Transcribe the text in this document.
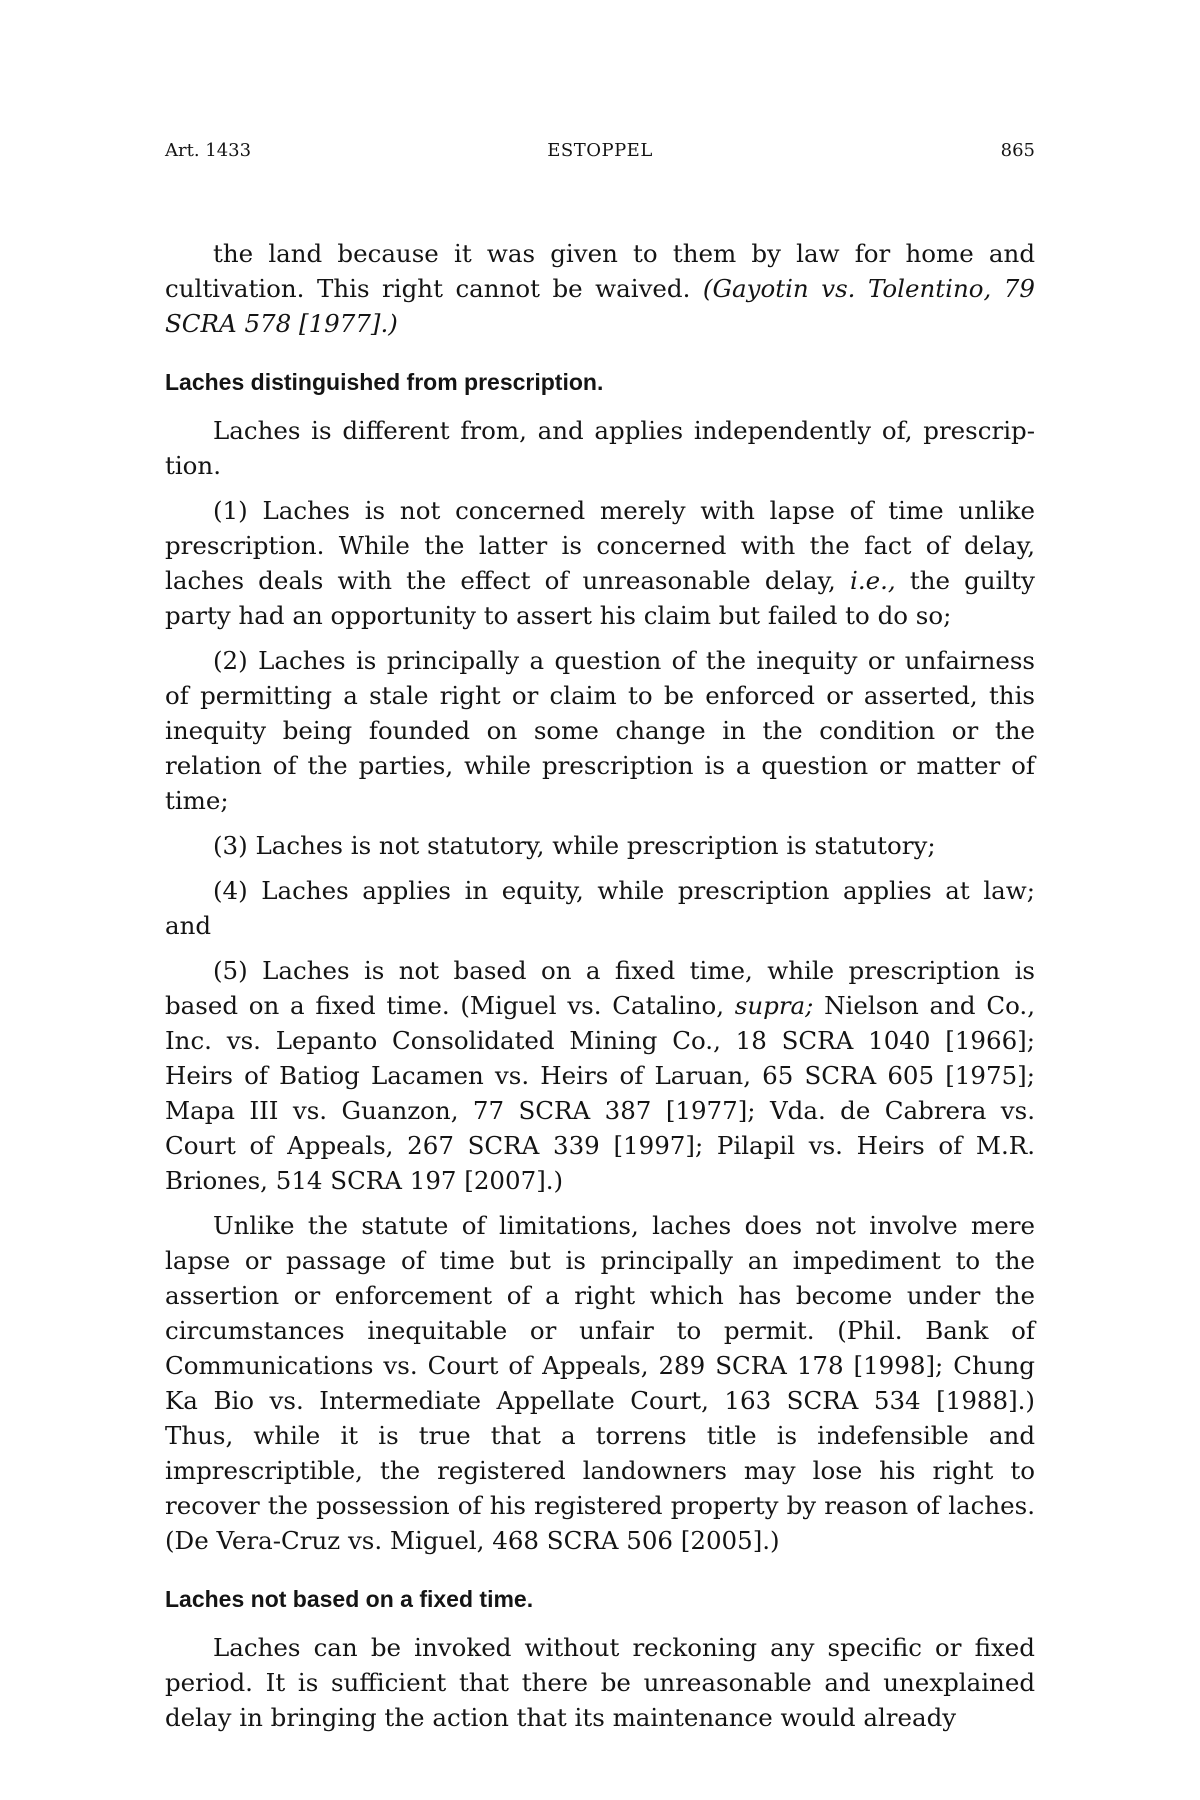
Art. 1433	ESTOPPEL	865

the land because it was given to them by law for home and cultivation. This right cannot be waived. (Gayotin vs. Tolentino, 79 SCRA 578 [1977].)

Laches distinguished from prescription.

Laches is different from, and applies independently of, prescription.

(1) Laches is not concerned merely with lapse of time unlike prescription. While the latter is concerned with the fact of delay, laches deals with the effect of unreasonable delay, i.e., the guilty party had an opportunity to assert his claim but failed to do so;

(2) Laches is principally a question of the inequity or unfairness of permitting a stale right or claim to be enforced or asserted, this inequity being founded on some change in the condition or the relation of the parties, while prescription is a question or matter of time;

(3) Laches is not statutory, while prescription is statutory;

(4) Laches applies in equity, while prescription applies at law; and

(5) Laches is not based on a fixed time, while prescription is based on a fixed time. (Miguel vs. Catalino, supra; Nielson and Co., Inc. vs. Lepanto Consolidated Mining Co., 18 SCRA 1040 [1966]; Heirs of Batiog Lacamen vs. Heirs of Laruan, 65 SCRA 605 [1975]; Mapa III vs. Guanzon, 77 SCRA 387 [1977]; Vda. de Cabrera vs. Court of Appeals, 267 SCRA 339 [1997]; Pilapil vs. Heirs of M.R. Briones, 514 SCRA 197 [2007].)

Unlike the statute of limitations, laches does not involve mere lapse or passage of time but is principally an impediment to the assertion or enforcement of a right which has become under the circumstances inequitable or unfair to permit. (Phil. Bank of Communications vs. Court of Appeals, 289 SCRA 178 [1998]; Chung Ka Bio vs. Intermediate Appellate Court, 163 SCRA 534 [1988].) Thus, while it is true that a torrens title is indefensible and imprescriptible, the registered landowners may lose his right to recover the possession of his registered property by reason of laches. (De Vera-Cruz vs. Miguel, 468 SCRA 506 [2005].)

Laches not based on a fixed time.

Laches can be invoked without reckoning any specific or fixed period. It is sufficient that there be unreasonable and unexplained delay in bringing the action that its maintenance would already
